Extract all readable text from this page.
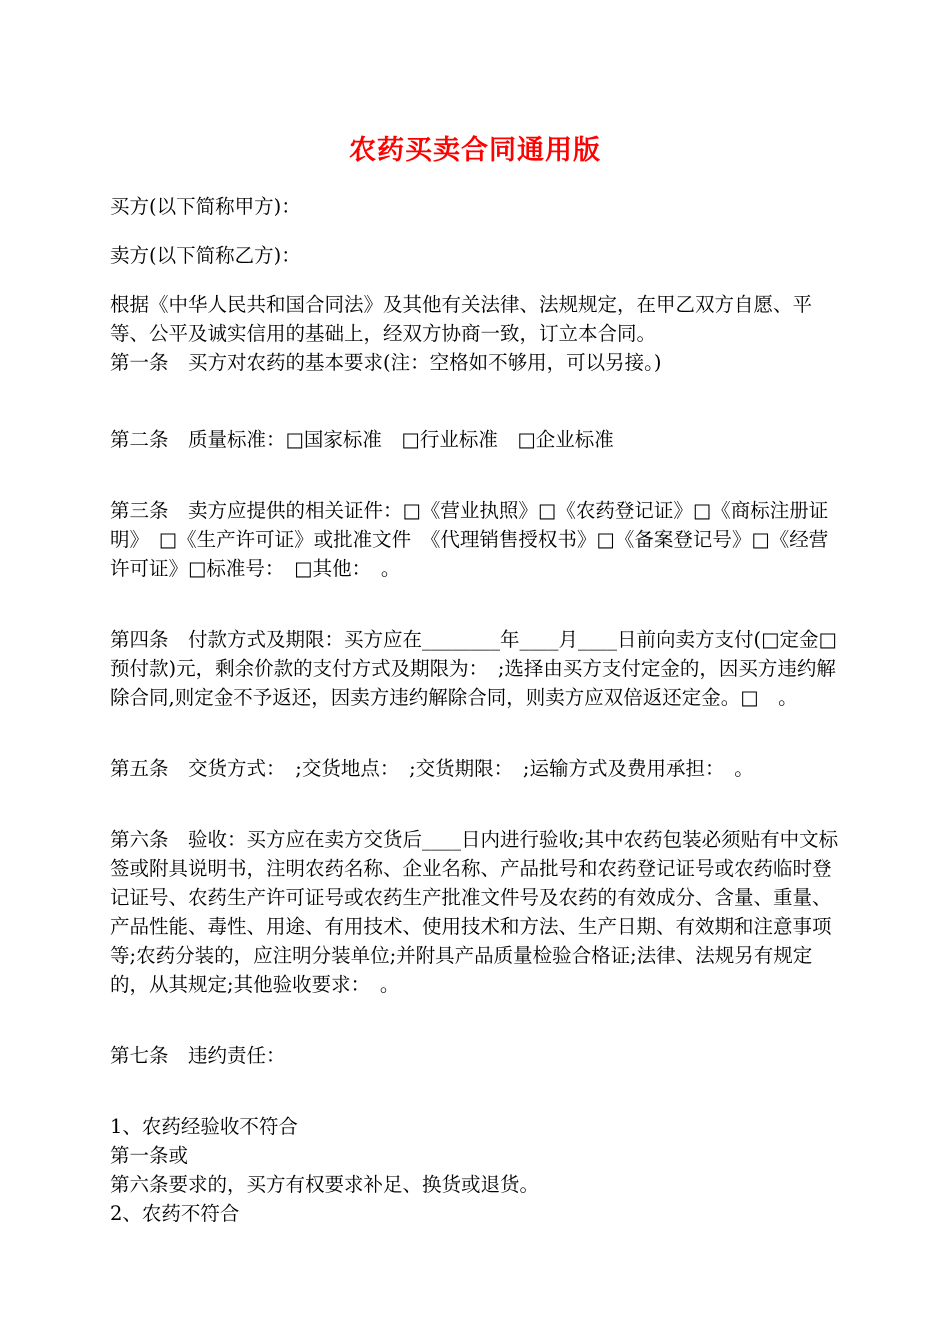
农药买卖合同通用版

买方(以下简称甲方)：

卖方(以下简称乙方)：

根据《中华人民共和国合同法》及其他有关法律、法规规定，在甲乙双方自愿、平等、公平及诚实信用的基础上，经双方协商一致，订立本合同。

第一条　买方对农药的基本要求(注：空格如不够用，可以另接。)

第二条　质量标准：□国家标准　□行业标准　□企业标准

第三条　卖方应提供的相关证件：□《营业执照》□《农药登记证》□《商标注册证明》　□《生产许可证》或批准文件　《代理销售授权书》□《备案登记号》□《经营许可证》□标准号：　□其他：　。

第四条　付款方式及期限：买方应在________年____月____日前向卖方支付(□定金□预付款)元，剩余价款的支付方式及期限为：　;选择由买方支付定金的，因买方违约解除合同,则定金不予返还，因卖方违约解除合同，则卖方应双倍返还定金。□　。

第五条　交货方式：　;交货地点：　;交货期限：　;运输方式及费用承担：　。

第六条　验收：买方应在卖方交货后____日内进行验收;其中农药包装必须贴有中文标签或附具说明书，注明农药名称、企业名称、产品批号和农药登记证号或农药临时登记证号、农药生产许可证号或农药生产批准文件号及农药的有效成分、含量、重量、产品性能、毒性、用途、有用技术、使用技术和方法、生产日期、有效期和注意事项等;农药分装的，应注明分装单位;并附具产品质量检验合格证;法律、法规另有规定的，从其规定;其他验收要求：　。

第七条　违约责任：

1、农药经验收不符合

第一条或

第六条要求的，买方有权要求补足、换货或退货。

2、农药不符合
